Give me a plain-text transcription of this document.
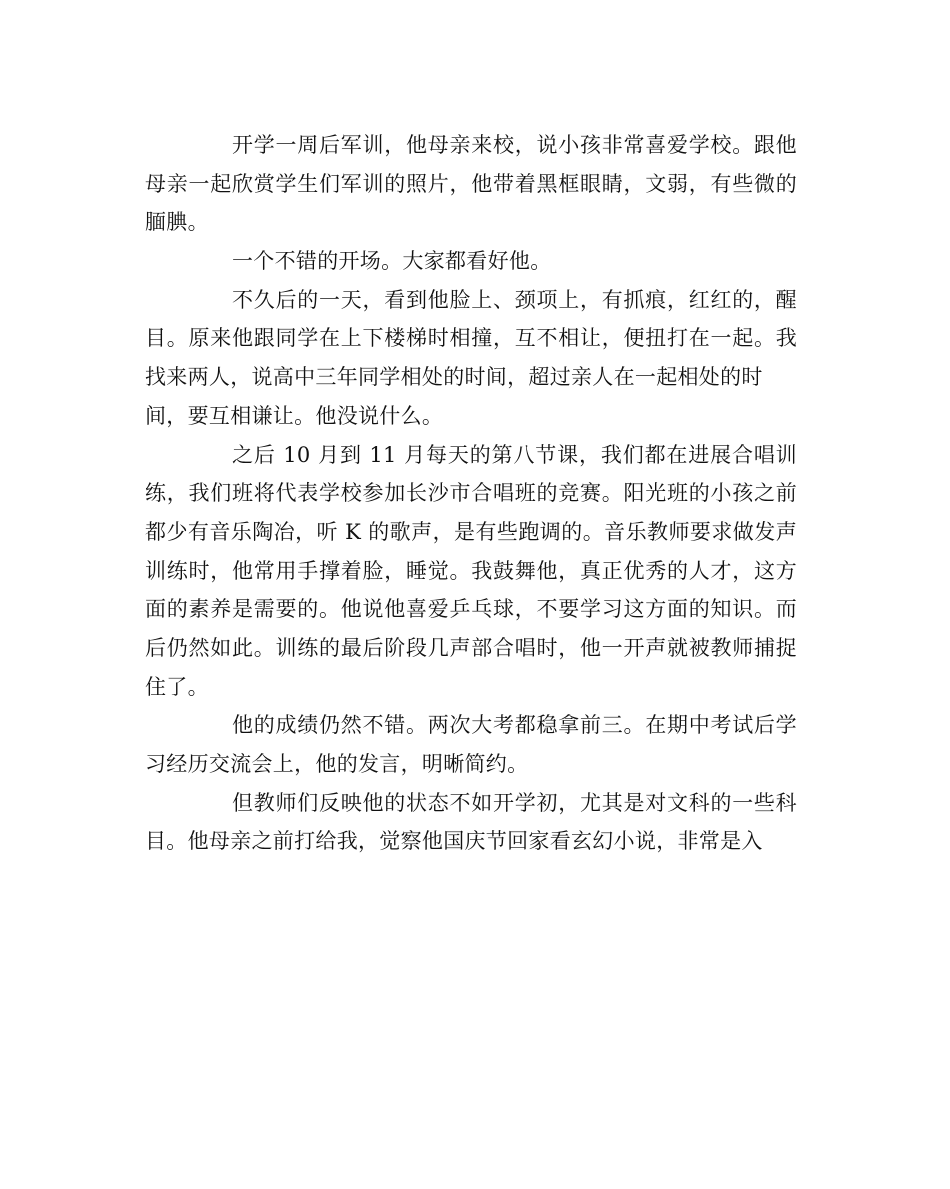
开学一周后军训，他母亲来校，说小孩非常喜爱学校。跟他
母亲一起欣赏学生们军训的照片，他带着黑框眼睛，文弱，有些微的
腼腆。
一个不错的开场。大家都看好他。
不久后的一天，看到他脸上、颈项上，有抓痕，红红的，醒
目。原来他跟同学在上下楼梯时相撞，互不相让，便扭打在一起。我
找来两人，说高中三年同学相处的时间，超过亲人在一起相处的时
间，要互相谦让。他没说什么。
之后 10 月到 11 月每天的第八节课，我们都在进展合唱训
练，我们班将代表学校参加长沙市合唱班的竞赛。阳光班的小孩之前
都少有音乐陶冶，听 K 的歌声，是有些跑调的。音乐教师要求做发声
训练时，他常用手撑着脸，睡觉。我鼓舞他，真正优秀的人才，这方
面的素养是需要的。他说他喜爱乒乓球，不要学习这方面的知识。而
后仍然如此。训练的最后阶段几声部合唱时，他一开声就被教师捕捉
住了。
他的成绩仍然不错。两次大考都稳拿前三。在期中考试后学
习经历交流会上，他的发言，明晰简约。
但教师们反映他的状态不如开学初，尤其是对文科的一些科
目。他母亲之前打给我，觉察他国庆节回家看玄幻小说，非常是入
